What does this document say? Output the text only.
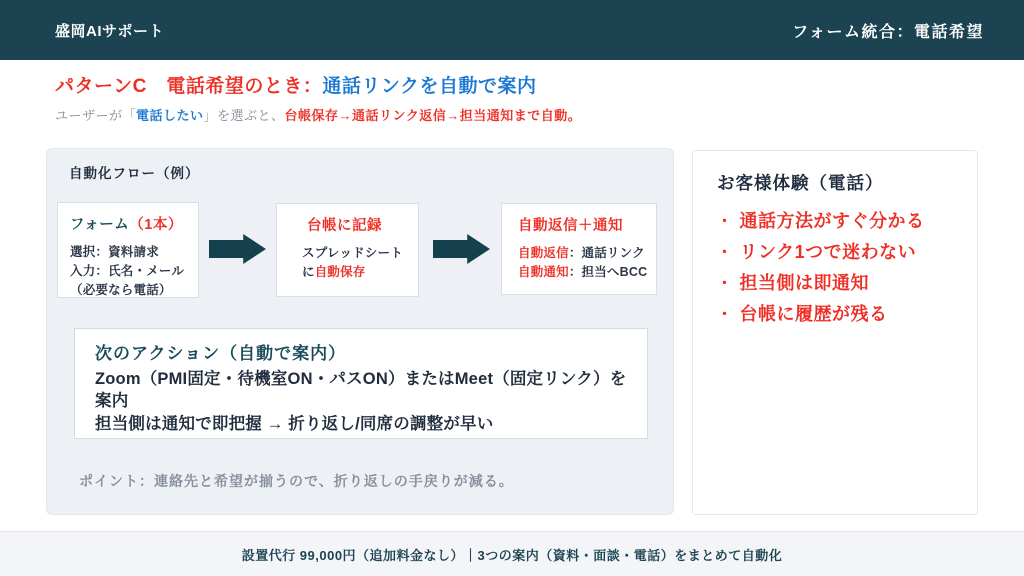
盛岡AIサポート	フォーム統合：電話希望
パターンC　電話希望のとき：通話リンクを自動で案内
ユーザーが「電話したい」を選ぶと、台帳保存→通話リンク返信→担当通知まで自動。
自動化フロー（例）
フォーム（1本）
選択：資料請求
入力：氏名・メール
（必要なら電話）
台帳に記録
スプレッドシート
に自動保存
自動返信＋通知
自動返信：通話リンク
自動通知：担当へBCC
次のアクション（自動で案内）
Zoom（PMI固定・待機室ON・パスON）またはMeet（固定リンク）を案内
担当側は通知で即把握 → 折り返し/同席の調整が早い
ポイント：連絡先と希望が揃うので、折り返しの手戻りが減る。
お客様体験（電話）
・ 通話方法がすぐ分かる
・ リンク1つで迷わない
・ 担当側は即通知
・ 台帳に履歴が残る
設置代行 99,000円（追加料金なし）｜3つの案内（資料・面談・電話）をまとめて自動化
